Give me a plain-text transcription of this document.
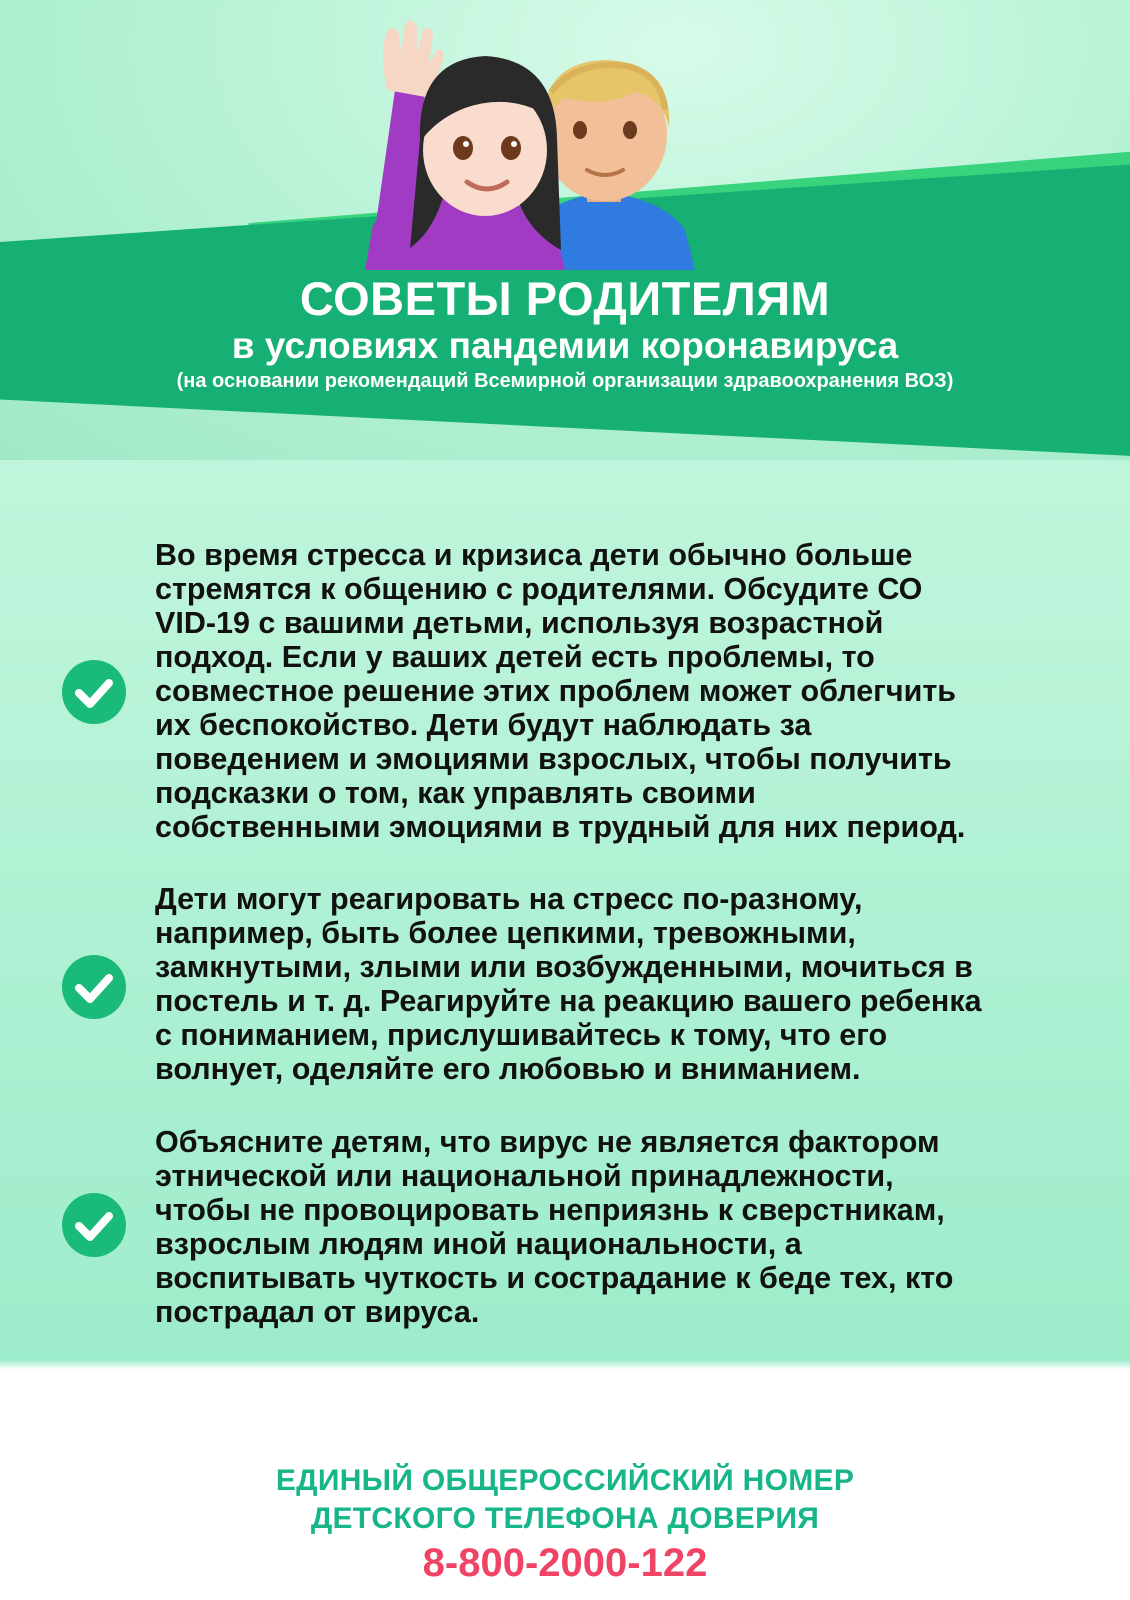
СОВЕТЫ РОДИТЕЛЯМ

в условиях пандемии коронавируса

(на основании рекомендаций Всемирной организации здравоохранения ВОЗ)

Во время стресса и кризиса дети обычно больше
стремятся к общению с родителями. Обсудите СО
VID-19 с вашими детьми, используя возрастной
подход. Если у ваших детей есть проблемы, то
совместное решение этих проблем может облегчить
их беспокойство. Дети будут наблюдать за
поведением и эмоциями взрослых, чтобы получить
подсказки о том, как управлять своими
собственными эмоциями в трудный для них период.

Дети могут реагировать на стресс по-разному,
например, быть более цепкими, тревожными,
замкнутыми, злыми или возбужденными, мочиться в
постель и т. д. Реагируйте на реакцию вашего ребенка
с пониманием, прислушивайтесь к тому, что его
волнует, оделяйте его любовью и вниманием.

Объясните детям, что вирус не является фактором
этнической или национальной принадлежности,
чтобы не провоцировать неприязнь к сверстникам,
взрослым людям иной национальности, а
воспитывать чуткость и сострадание к беде тех, кто
пострадал от вируса.

ЕДИНЫЙ ОБЩЕРОССИЙСКИЙ НОМЕР

ДЕТСКОГО ТЕЛЕФОНА ДОВЕРИЯ

8-800-2000-122
